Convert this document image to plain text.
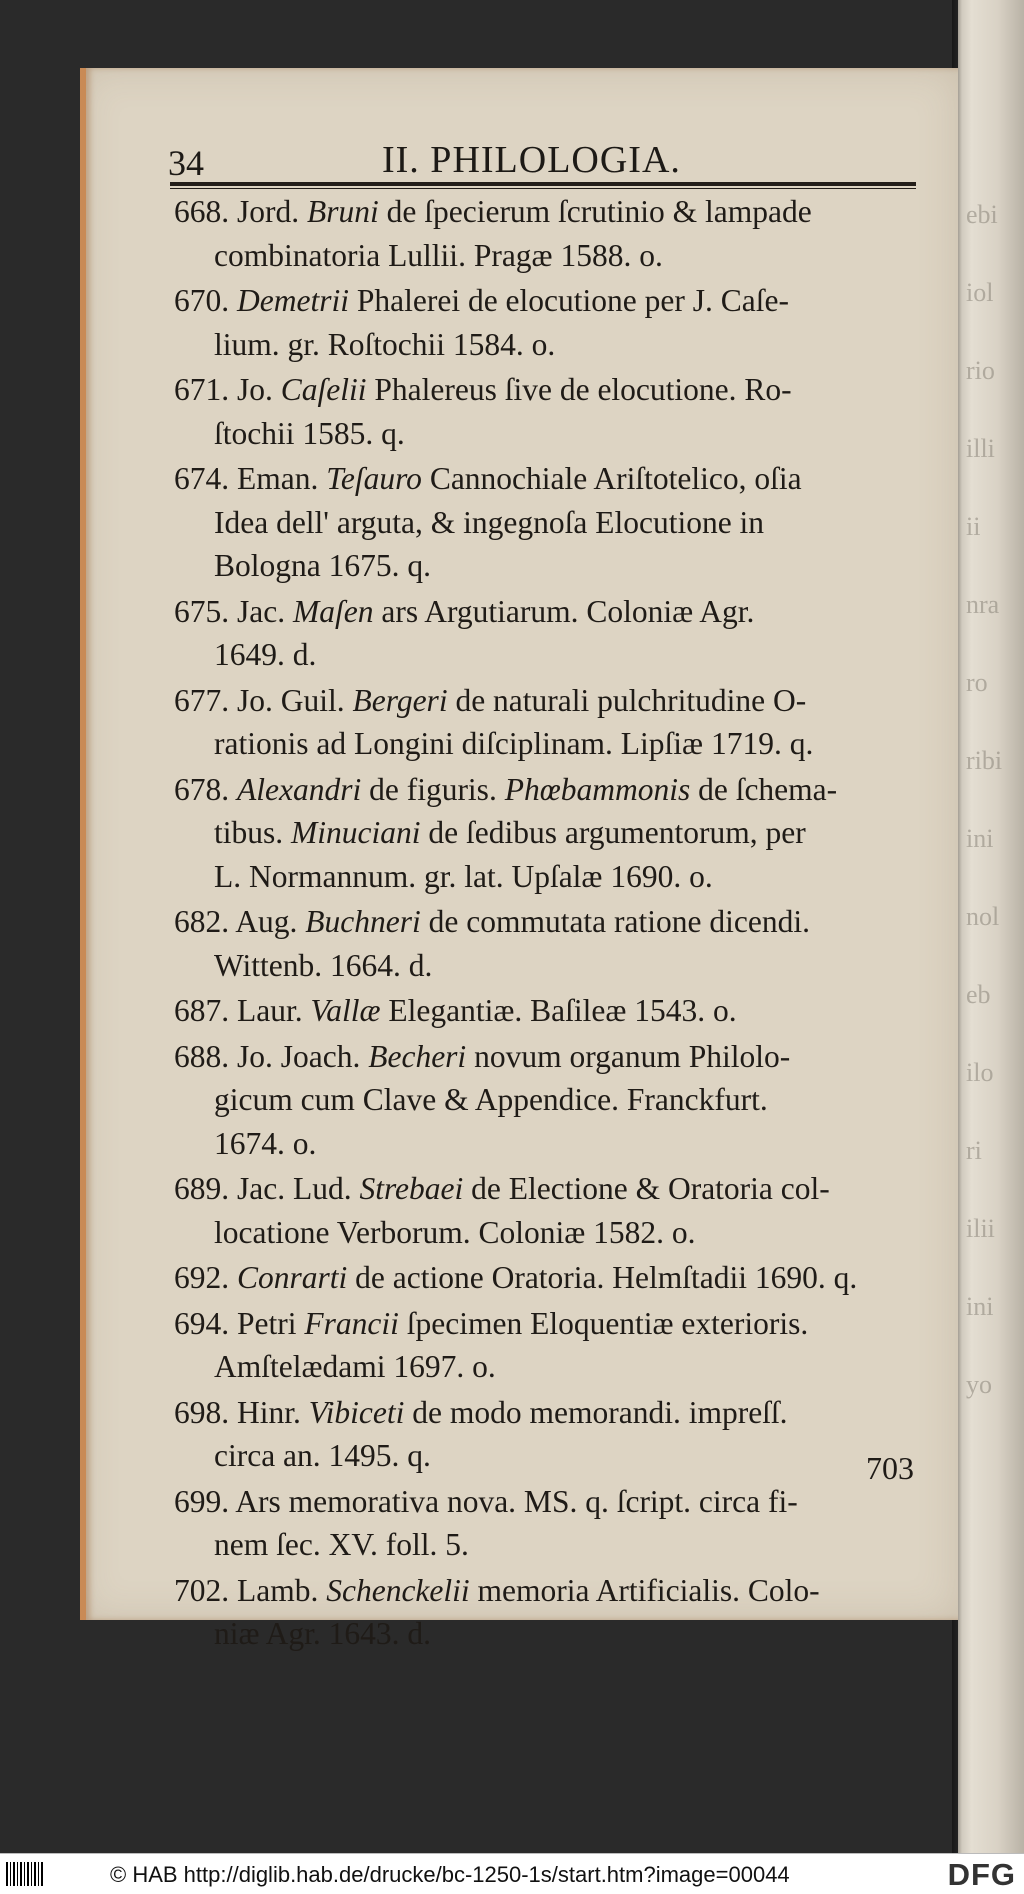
ebi
iol
rio
illi
ii
nra
ro
ribi
ini
nol
eb
ilo
ri
ilii
ini
yo
34	II. PHILOLOGIA.
668. Jord. Bruni de ſpecierum ſcrutinio & lampade
combinatoria Lullii. Pragæ 1588. o.
670. Demetrii Phalerei de elocutione per J. Caſe-
lium. gr. Roſtochii 1584. o.
671. Jo. Caſelii Phalereus ſive de elocutione. Ro-
ſtochii 1585. q.
674. Eman. Teſauro Cannochiale Ariſtotelico, oſia
Idea dell' arguta, & ingegnoſa Elocutione in
Bologna 1675. q.
675. Jac. Maſen ars Argutiarum. Coloniæ Agr.
1649. d.
677. Jo. Guil. Bergeri de naturali pulchritudine O-
rationis ad Longini diſciplinam. Lipſiæ 1719. q.
678. Alexandri de figuris. Phœbammonis de ſchema-
tibus. Minuciani de ſedibus argumentorum, per
L. Normannum. gr. lat. Upſalæ 1690. o.
682. Aug. Buchneri de commutata ratione dicendi.
Wittenb. 1664. d.
687. Laur. Vallæ Elegantiæ. Baſileæ 1543. o.
688. Jo. Joach. Becheri novum organum Philolo-
gicum cum Clave & Appendice. Franckfurt.
1674. o.
689. Jac. Lud. Strebaei de Electione & Oratoria col-
locatione Verborum. Coloniæ 1582. o.
692. Conrarti de actione Oratoria. Helmſtadii 1690. q.
694. Petri Francii ſpecimen Eloquentiæ exterioris.
Amſtelædami 1697. o.
698. Hinr. Vibiceti de modo memorandi. impreſſ.
circa an. 1495. q.
699. Ars memorativa nova. MS. q. ſcript. circa fi-
nem ſec. XV. foll. 5.
702. Lamb. Schenckelii memoria Artificialis. Colo-
niæ Agr. 1643. d.
703
© HAB http://diglib.hab.de/drucke/bc-1250-1s/start.htm?image=00044	DFG
